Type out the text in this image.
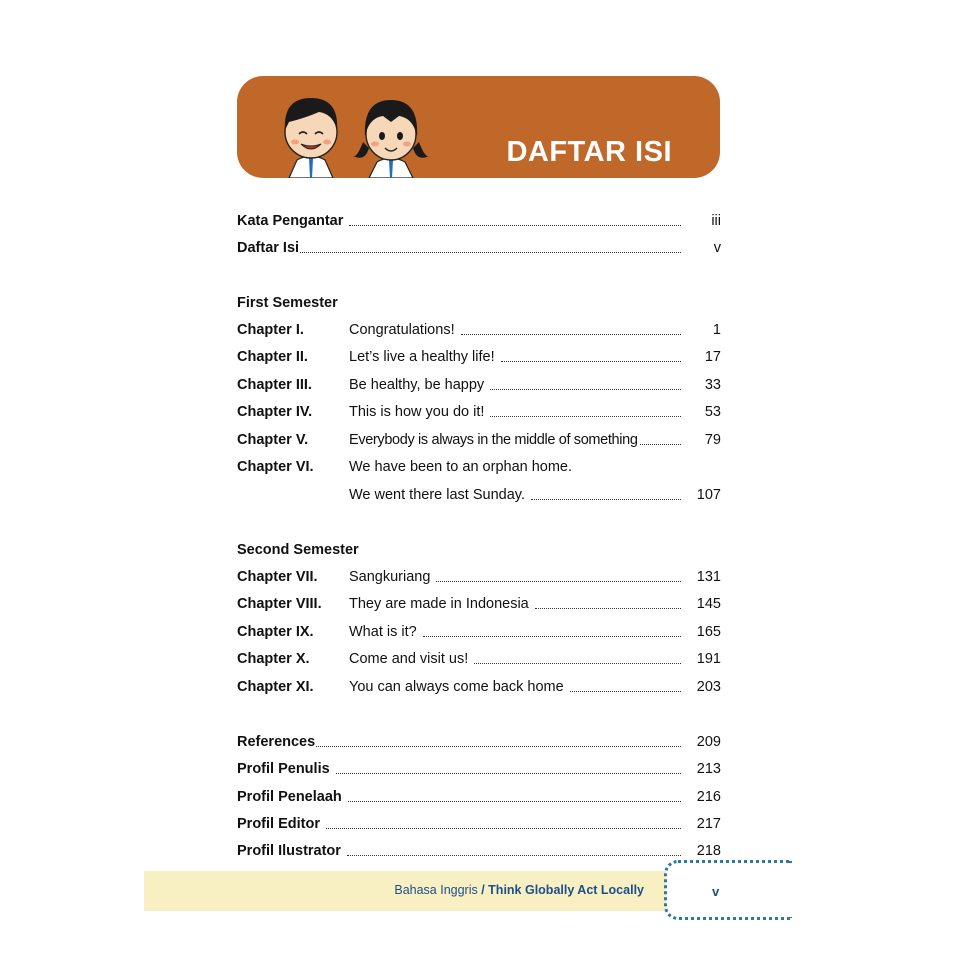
DAFTAR ISI
Kata Pengantar	iii
Daftar Isi	v
First Semester
Chapter I.	Congratulations!	1
Chapter II.	Let’s live a healthy life!	17
Chapter III.	Be healthy, be happy	33
Chapter IV.	This is how you do it!	53
Chapter V.	Everybody is always in the middle of something	79
Chapter VI.	We have been to an orphan home.
We went there last Sunday.	107
Second Semester
Chapter VII.	Sangkuriang	131
Chapter VIII.	They are made in Indonesia	145
Chapter IX.	What is it?	165
Chapter X.	Come and visit us!	191
Chapter XI.	You can always come back home	203
References	209
Profil Penulis	213
Profil Penelaah	216
Profil Editor	217
Profil Ilustrator	218
Bahasa Inggris / Think Globally Act Locally	v
